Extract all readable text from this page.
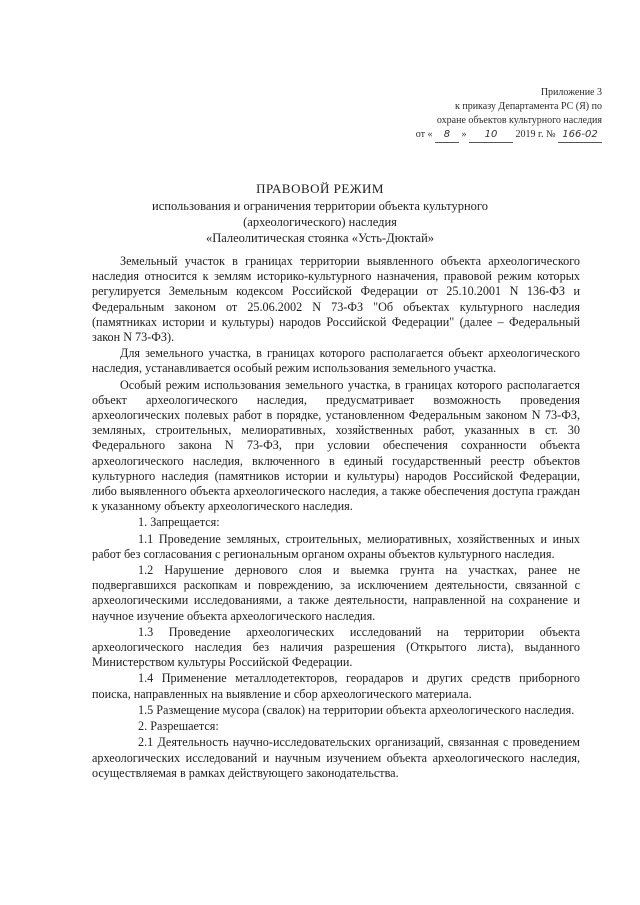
Приложение 3
к приказу Департамента РС (Я) по
охране объектов культурного наследия
от « 8 » 10 2019 г. № 166-02
ПРАВОВОЙ РЕЖИМ
использования и ограничения территории объекта культурного
(археологического) наследия
«Палеолитическая стоянка «Усть-Дюктай»

Земельный участок в границах территории выявленного объекта археологического наследия относится к землям историко-культурного назначения, правовой режим которых регулируется Земельным кодексом Российской Федерации от 25.10.2001 N 136-ФЗ и Федеральным законом от 25.06.2002 N 73-ФЗ "Об объектах культурного наследия (памятниках истории и культуры) народов Российской Федерации" (далее – Федеральный закон N 73-ФЗ).

Для земельного участка, в границах которого располагается объект археологического наследия, устанавливается особый режим использования земельного участка.

Особый режим использования земельного участка, в границах которого располагается объект археологического наследия, предусматривает возможность проведения археологических полевых работ в порядке, установленном Федеральным законом N 73-ФЗ, земляных, строительных, мелиоративных, хозяйственных работ, указанных в ст. 30 Федерального закона N 73-ФЗ, при условии обеспечения сохранности объекта археологического наследия, включенного в единый государственный реестр объектов культурного наследия (памятников истории и культуры) народов Российской Федерации, либо выявленного объекта археологического наследия, а также обеспечения доступа граждан к указанному объекту археологического наследия.

1. Запрещается:

1.1 Проведение земляных, строительных, мелиоративных, хозяйственных и иных работ без согласования с региональным органом охраны объектов культурного наследия.

1.2 Нарушение дернового слоя и выемка грунта на участках, ранее не подвергавшихся раскопкам и повреждению, за исключением деятельности, связанной с археологическими исследованиями, а также деятельности, направленной на сохранение и научное изучение объекта археологического наследия.

1.3 Проведение археологических исследований на территории объекта археологического наследия без наличия разрешения (Открытого листа), выданного Министерством культуры Российской Федерации.

1.4 Применение металлодетекторов, георадаров и других средств приборного поиска, направленных на выявление и сбор археологического материала.

1.5 Размещение мусора (свалок) на территории объекта археологического наследия.

2. Разрешается:

2.1 Деятельность научно-исследовательских организаций, связанная с проведением археологических исследований и научным изучением объекта археологического наследия, осуществляемая в рамках действующего законодательства.
